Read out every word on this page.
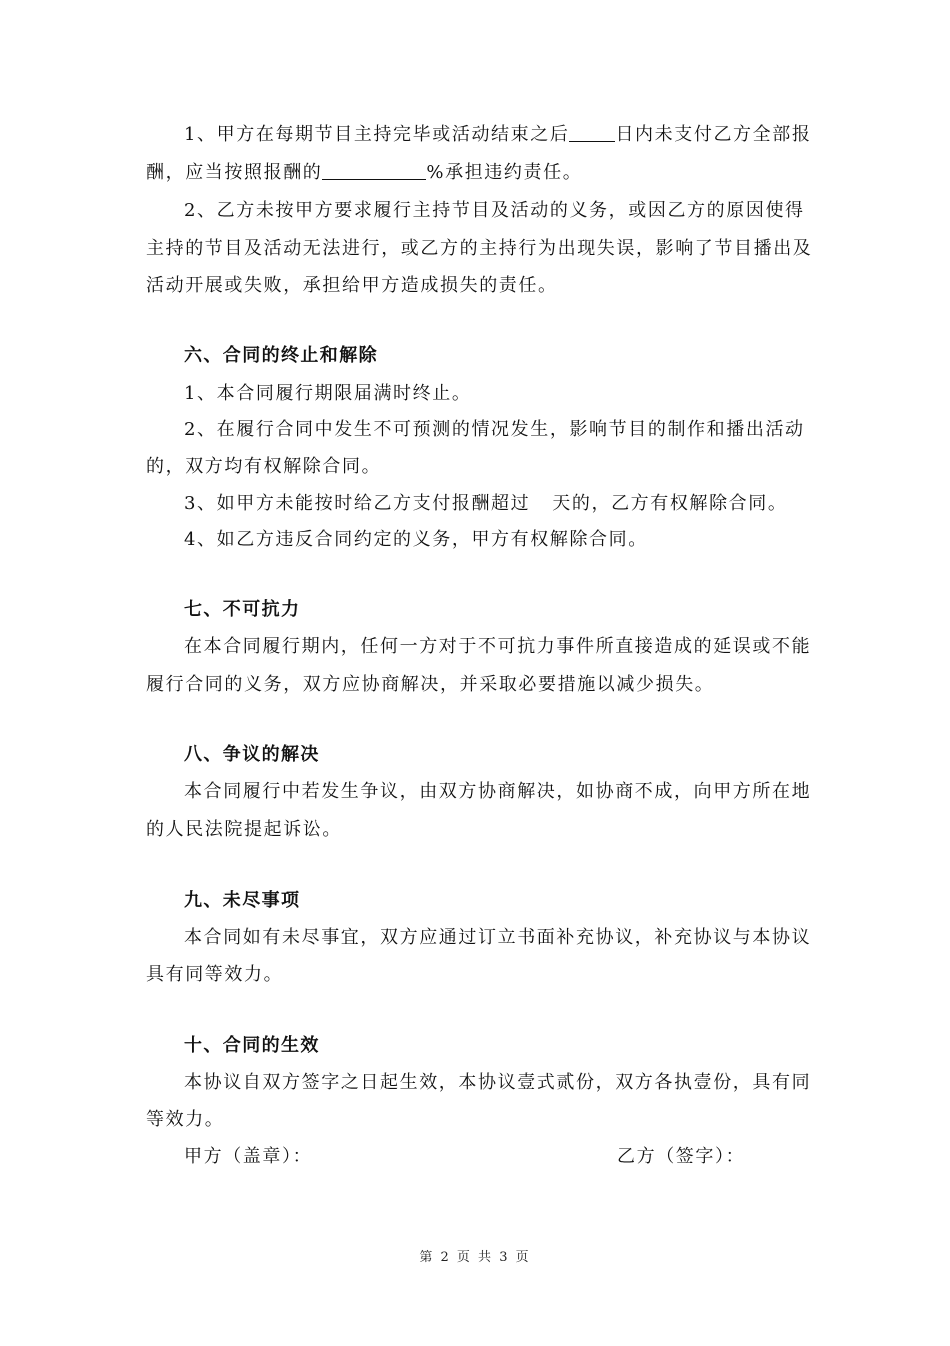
1、甲方在每期节目主持完毕或活动结束之后	日内未支付乙方全部报
酬，应当按照报酬的	%承担违约责任。
2、乙方未按甲方要求履行主持节目及活动的义务，或因乙方的原因使得
主持的节目及活动无法进行，或乙方的主持行为出现失误，影响了节目播出及
活动开展或失败，承担给甲方造成损失的责任。
六、合同的终止和解除
1、本合同履行期限届满时终止。
2、在履行合同中发生不可预测的情况发生，影响节目的制作和播出活动
的，双方均有权解除合同。
3、如甲方未能按时给乙方支付报酬超过 天的，乙方有权解除合同。
4、如乙方违反合同约定的义务，甲方有权解除合同。
七、不可抗力
在本合同履行期内，任何一方对于不可抗力事件所直接造成的延误或不能
履行合同的义务，双方应协商解决，并采取必要措施以减少损失。
八、争议的解决
本合同履行中若发生争议，由双方协商解决，如协商不成，向甲方所在地
的人民法院提起诉讼。
九、未尽事项
本合同如有未尽事宜，双方应通过订立书面补充协议，补充协议与本协议
具有同等效力。
十、合同的生效
本协议自双方签字之日起生效，本协议壹式贰份，双方各执壹份，具有同
等效力。
甲方（盖章）：	乙方（签字）：
第 2 页 共 3 页
